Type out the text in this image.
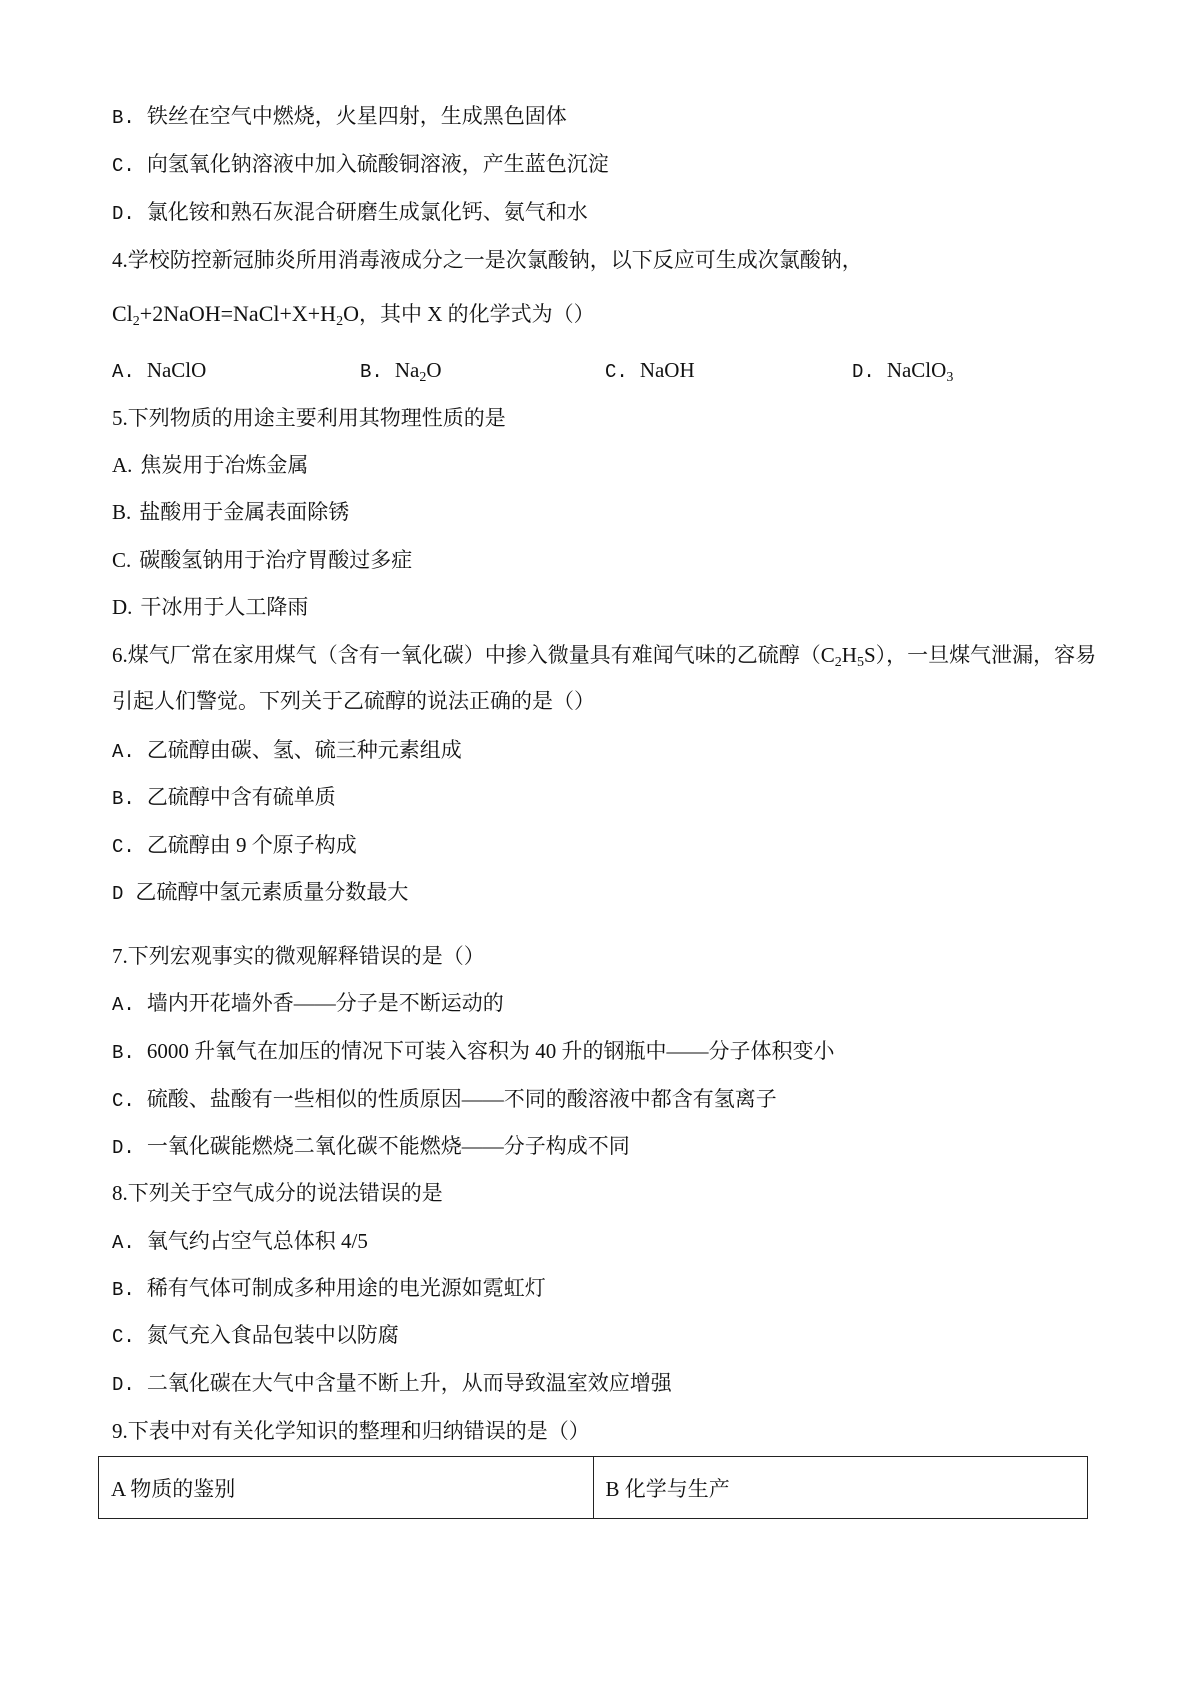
B. 铁丝在空气中燃烧，火星四射，生成黑色固体
C. 向氢氧化钠溶液中加入硫酸铜溶液，产生蓝色沉淀
D. 氯化铵和熟石灰混合研磨生成氯化钙、氨气和水
4.学校防控新冠肺炎所用消毒液成分之一是次氯酸钠，以下反应可生成次氯酸钠，
$Cl_2+2NaOH=NaCl+X+H_2O$，其中 X 的化学式为（）
A. NaClO	B. $Na_2O$	C. NaOH	D. NaClO$_3$
5.下列物质的用途主要利用其物理性质的是
A. 焦炭用于冶炼金属
B. 盐酸用于金属表面除锈
C. 碳酸氢钠用于治疗胃酸过多症
D. 干冰用于人工降雨
6.煤气厂常在家用煤气（含有一氧化碳）中掺入微量具有难闻气味的乙硫醇$(C_2H_5S)$，一旦煤气泄漏，容易
引起人们警觉。下列关于乙硫醇的说法正确的是（）
A. 乙硫醇由碳、氢、硫三种元素组成
B. 乙硫醇中含有硫单质
C. 乙硫醇由 9 个原子构成
D 乙硫醇中氢元素质量分数最大
7.下列宏观事实的微观解释错误的是（）
A. 墙内开花墙外香——分子是不断运动的
B. 6000 升氧气在加压的情况下可装入容积为 40 升的钢瓶中——分子体积变小
C. 硫酸、盐酸有一些相似的性质原因——不同的酸溶液中都含有氢离子
D. 一氧化碳能燃烧二氧化碳不能燃烧——分子构成不同
8.下列关于空气成分的说法错误的是
A. 氧气约占空气总体积 4/5
B. 稀有气体可制成多种用途的电光源如霓虹灯
C. 氮气充入食品包装中以防腐
D. 二氧化碳在大气中含量不断上升，从而导致温室效应增强
9.下表中对有关化学知识的整理和归纳错误的是（）
A 物质的鉴别	B 化学与生产
